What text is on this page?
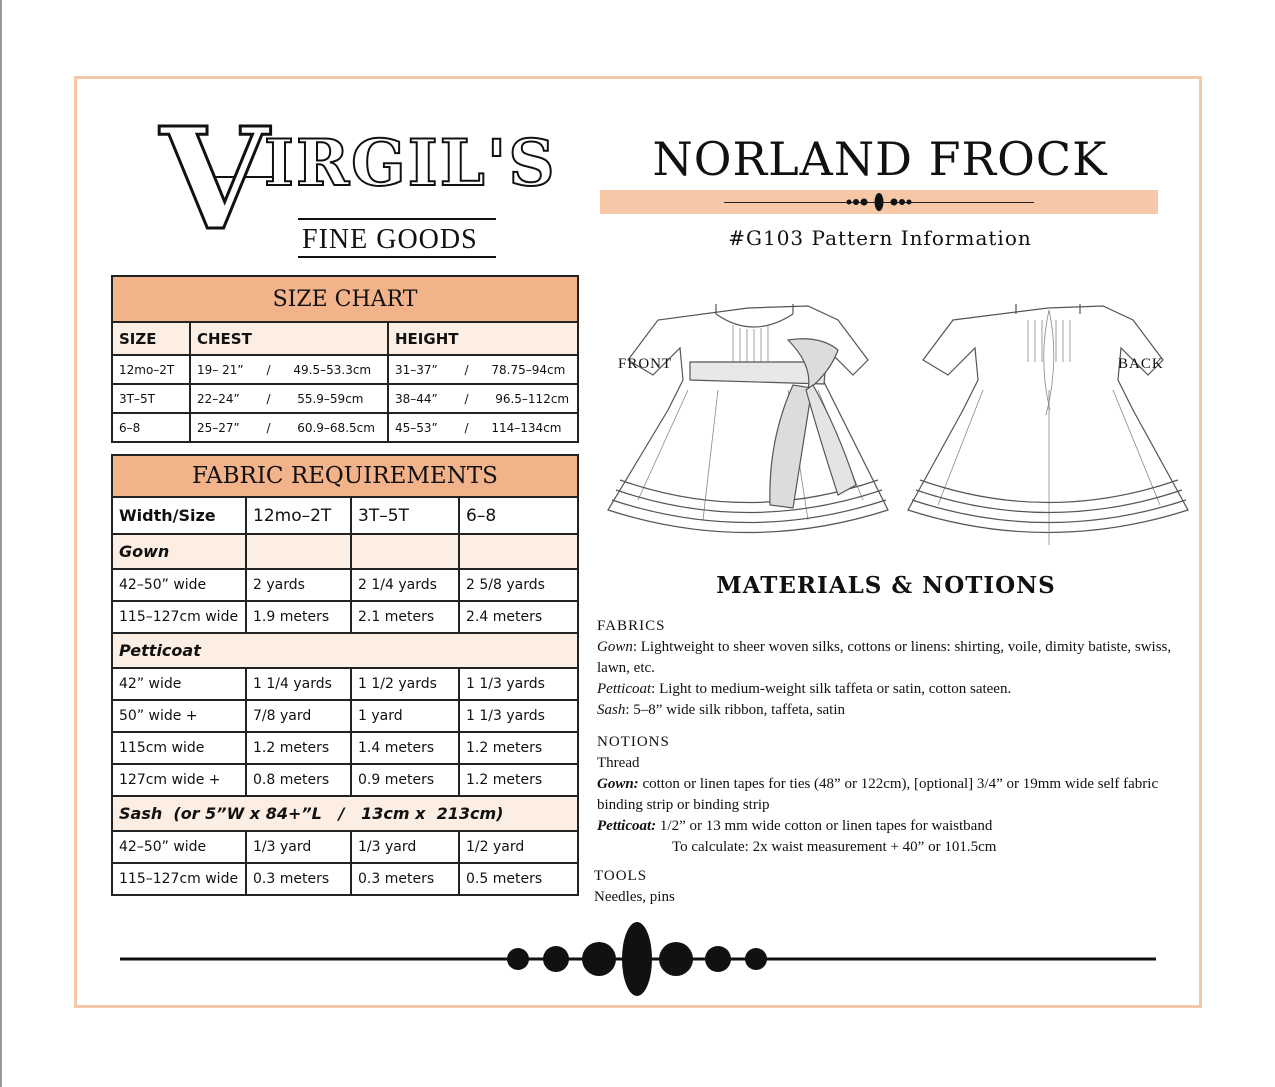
V IRGIL'S
FINE GOODS
NORLAND FROCK
#G103 Pattern Information
FRONT	BACK
SIZE CHART		
SIZE	CHEST	HEIGHT
12mo–2T	19– 21”      /      49.5–53.3cm	31–37”       /      78.75–94cm
3T–5T	22–24”       /       55.9–59cm	38–44”       /       96.5–112cm
6–8	25–27”       /       60.9–68.5cm	45–53”       /      114–134cm
FABRIC REQUIREMENTS			
Width/Size	12mo–2T	3T–5T	6–8
Gown			
42–50” wide	2 yards	2 1/4 yards	2 5/8 yards
115–127cm wide	1.9 meters	2.1 meters	2.4 meters
Petticoat			
42” wide	1 1/4 yards	1 1/2 yards	1 1/3 yards
50” wide +	7/8 yard	1 yard	1 1/3 yards
115cm wide	1.2 meters	1.4 meters	1.2 meters
127cm wide +	0.8 meters	0.9 meters	1.2 meters
Sash  (or 5”W x 84+”L   /   13cm x  213cm)			
42–50” wide	1/3 yard	1/3 yard	1/2 yard
115–127cm wide	0.3 meters	0.3 meters	0.5 meters
MATERIALS & NOTIONS
FABRICS
Gown: Lightweight to sheer woven silks, cottons or linens: shirting, voile, dimity batiste, swiss, lawn, etc.
Petticoat: Light to medium-weight silk taffeta or satin, cotton sateen.
Sash: 5–8” wide silk ribbon, taffeta, satin
NOTIONS
Thread
Gown: cotton or linen tapes for ties (48” or 122cm), [optional] 3/4” or 19mm wide self fabric binding strip or binding strip
Petticoat: 1/2” or 13 mm wide cotton or linen tapes for waistband
To calculate: 2x waist measurement + 40” or 101.5cm
TOOLS
Needles, pins
